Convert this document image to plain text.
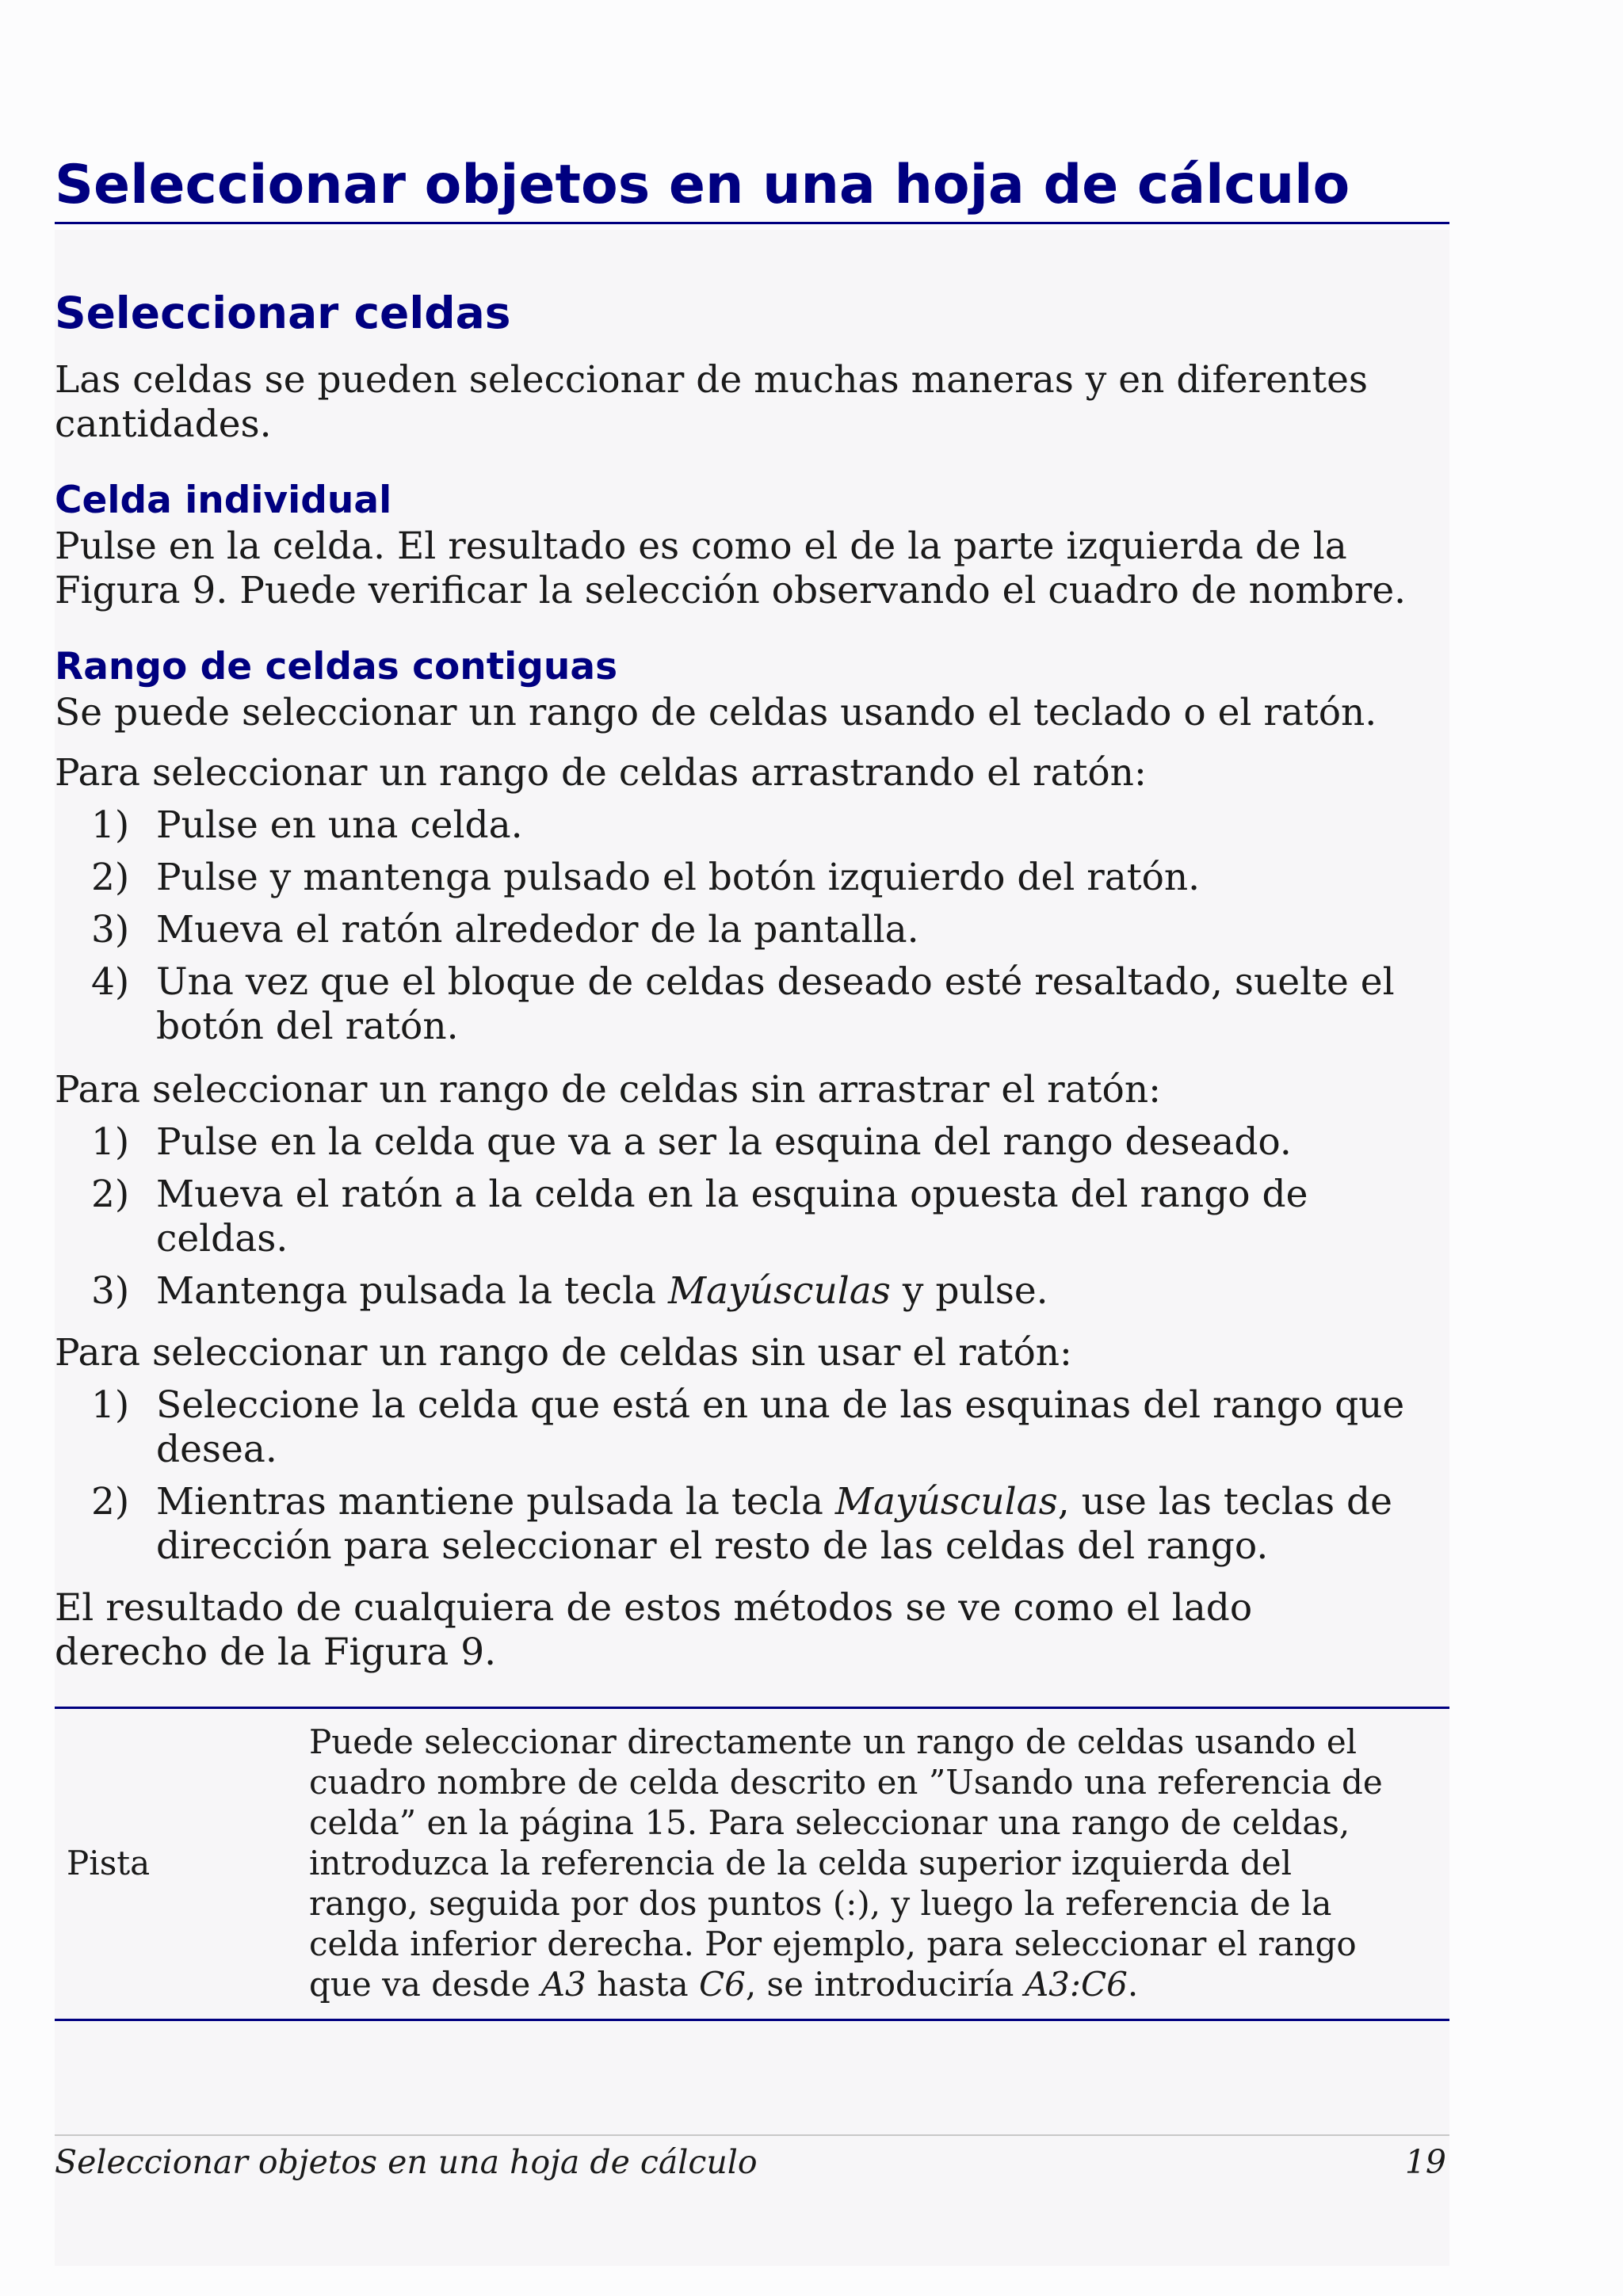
Seleccionar objetos en una hoja de cálculo
Seleccionar celdas

Las celdas se pueden seleccionar de muchas maneras y en diferentes

cantidades.

Celda individual

Pulse en la celda. El resultado es como el de la parte izquierda de la

Figura 9. Puede verificar la selección observando el cuadro de nombre.

Rango de celdas contiguas

Se puede seleccionar un rango de celdas usando el teclado o el ratón.

Para seleccionar un rango de celdas arrastrando el ratón:

1) Pulse en una celda.
2) Pulse y mantenga pulsado el botón izquierdo del ratón.
3) Mueva el ratón alrededor de la pantalla.
4) Una vez que el bloque de celdas deseado esté resaltado, suelte el
botón del ratón.

Para seleccionar un rango de celdas sin arrastrar el ratón:

1) Pulse en la celda que va a ser la esquina del rango deseado.
2) Mueva el ratón a la celda en la esquina opuesta del rango de
celdas.
3) Mantenga pulsada la tecla Mayúsculas y pulse.

Para seleccionar un rango de celdas sin usar el ratón:

1) Seleccione la celda que está en una de las esquinas del rango que
desea.
2) Mientras mantiene pulsada la tecla Mayúsculas, use las teclas de
dirección para seleccionar el resto de las celdas del rango.

El resultado de cualquiera de estos métodos se ve como el lado

derecho de la Figura 9.

Pista
Puede seleccionar directamente un rango de celdas usando el
cuadro nombre de celda descrito en ”Usando una referencia de
celda” en la página 15. Para seleccionar una rango de celdas,
introduzca la referencia de la celda superior izquierda del
rango, seguida por dos puntos (:), y luego la referencia de la
celda inferior derecha. Por ejemplo, para seleccionar el rango
que va desde A3 hasta C6, se introduciría A3:C6.
Seleccionar objetos en una hoja de cálculo	19
